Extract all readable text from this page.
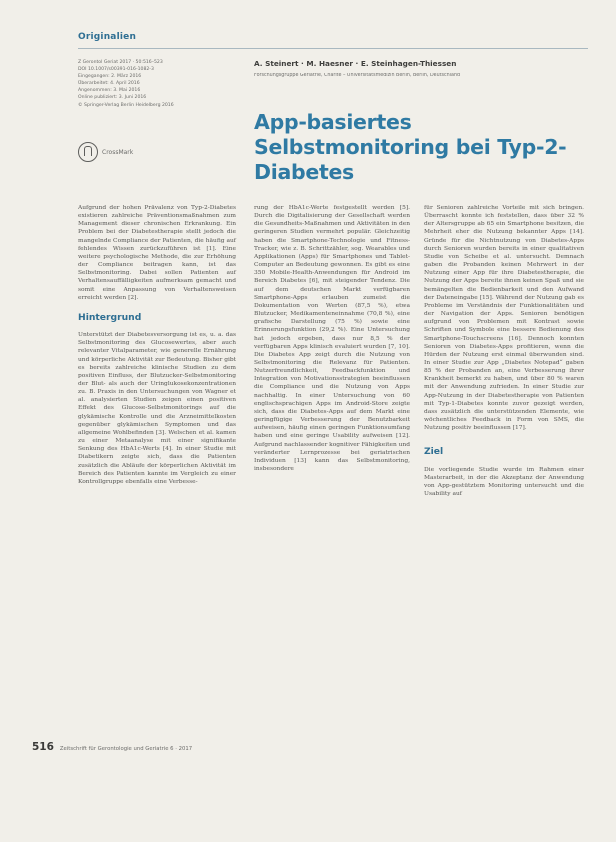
Originalien
Z Gerontol Geriat 2017 · 50:516–523
DOI 10.1007/s00391-016-1082-3
Eingegangen: 2. März 2016
Überarbeitet: 4. April 2016
Angenommen: 3. Mai 2016
Online publiziert: 3. Juni 2016
© Springer-Verlag Berlin Heidelberg 2016
CrossMark
A. Steinert · M. Haesner · E. Steinhagen-Thiessen
Forschungsgruppe Geriatrie, Charité – Universitätsmedizin Berlin, Berlin, Deutschland
App-basiertes Selbstmonitoring bei Typ-2-Diabetes

Aufgrund der hohen Prävalenz von Typ-2-Diabetes existieren zahlreiche Präventionsmaßnahmen zum Management dieser chronischen Erkrankung. Ein Problem bei der Diabetestherapie stellt jedoch die mangelnde Compliance der Patienten, die häufig auf fehlendes Wissen zurückzuführen ist [1]. Eine weitere psychologische Methode, die zur Erhöhung der Compliance beitragen kann, ist das Selbstmonitoring. Dabei sollen Patienten auf Verhaltensauffälligkeiten aufmerksam gemacht und somit eine Anpassung von Verhaltensweisen erreicht werden [2].

Hintergrund

Unterstützt der Diabetesversorgung ist es, u. a. das Selbstmonitoring des Glucosewertes, aber auch relevanter Vitalparameter, wie generelle Ernährung und körperliche Aktivität zur Bedeutung. Bisher gibt es bereits zahlreiche klinische Studien zu dem positiven Einfluss, der Blutzucker-Selbstmonitoring der Blut- als auch der Uringlukosekonzentrationen zu. B. Praxis in den Untersuchungen von Wagner et al. analysierten Studien zeigen einen positiven Effekt des Glucose-Selbstmonitorings auf die glykämische Kontrolle und die Arzneimittelkosten gegenüber glykämischen Symptomen und das allgemeine Wohlbefinden [3]. Welschen et al. kamen zu einer Metaanalyse mit einer signifikante Senkung des HbA1c-Werts [4]. In einer Studie mit Diabetikern zeigte sich, dass die Patienten zusätzlich die Abläufe der körperlichen Aktivität im Bereich des Patienten kannte im Vergleich zu einer Kontrollgruppe ebenfalls eine Verbesse-

rung der HbA1c-Werte festgestellt werden [5]. Durch die Digitalisierung der Gesellschaft werden die Gesundheits-Maßnahmen und Aktivitäten in den geringeren Studien vermehrt populär. Gleichzeitig haben die Smartphone-Technologie und Fitness-Tracker, wie z. B. Schrittzähler, sog. Wearables und Applikationen (Apps) für Smartphones und Tablet-Computer an Bedeutung gewonnen. Es gibt es eine 350 Mobile-Health-Anwendungen für Android im Bereich Diabetes [6], mit steigender Tendenz. Die auf dem deutschen Markt verfügbaren Smartphone-Apps erlauben zumeist die Dokumentation von Werten (87,5 %), etwa Blutzucker, Medikamenteneinnahme (70,8 %), eine grafische Darstellung (75 %) sowie eine Erinnerungsfunktion (29,2 %). Eine Untersuchung hat jedoch ergeben, dass nur 8,5 % der verfügbaren Apps klinisch evaluiert wurden [7, 10]. Die Diabetes App zeigt durch die Nutzung von Selbstmonitoring die Relevanz für Patienten. Nutzerfreundlichkeit, Feedbackfunktion und Integration von Motivationsstrategien beeinflussen die Compliance und die Nutzung von Apps nachhaltig. In einer Untersuchung von 60 englischsprachigen Apps im Android-Store zeigte sich, dass die Diabetes-Apps auf dem Markt eine geringfügige Verbesserung der Benutzbarkeit aufweisen, häufig einen geringen Funktionsumfang haben und eine geringe Usability aufweisen [12]. Aufgrund nachlassender kognitiver Fähigkeiten und veränderter Lernprozesse bei geriatrischen Individuen [13] kann das Selbstmonitoring, insbesondere

für Senioren zahlreiche Vorteile mit sich bringen. Überrascht konnte ich feststellen, dass über 32 % der Altersgruppe ab 65 ein Smartphone besitzen, die Mehrheit eher die Nutzung bekannter Apps [14]. Gründe für die Nichtnutzung von Diabetes-Apps durch Senioren wurden bereits in einer qualitativen Studie von Scheibe et al. untersucht. Demnach gaben die Probanden keinen Mehrwert in der Nutzung einer App für ihre Diabetestherapie, die Nutzung der Apps bereite ihnen keinen Spaß und sie bemängelten die Bedienbarkeit und den Aufwand der Dateneingabe [15]. Während der Nutzung gab es Probleme im Verständnis der Funktionalitäten und der Navigation der Apps. Senioren benötigen aufgrund von Problemen mit Kontrast sowie Schriften und Symbole eine bessere Bedienung des Smartphone-Touchscreens [16]. Dennoch konnten Senioren von Diabetes-Apps profitieren, wenn die Hürden der Nutzung erst einmal überwunden sind. In einer Studie zur App „Diabetes Notepad“ gaben 85 % der Probanden an, eine Verbesserung ihrer Krankheit bemerkt zu haben, und über 80 % waren mit der Anwendung zufrieden. In einer Studie zur App-Nutzung in der Diabetestherapie von Patienten mit Typ-1-Diabetes konnte zuvor gezeigt werden, dass zusätzlich die unterstützenden Elemente, wie wöchentliches Feedback in Form von SMS, die Nutzung positiv beeinflussen [17].

Ziel

Die vorliegende Studie wurde im Rahmen einer Masterarbeit, in der die Akzeptanz der Anwendung von App-gestütztem Monitoring untersucht und die Usability auf

516 Zeitschrift für Gerontologie und Geriatrie 6 · 2017
